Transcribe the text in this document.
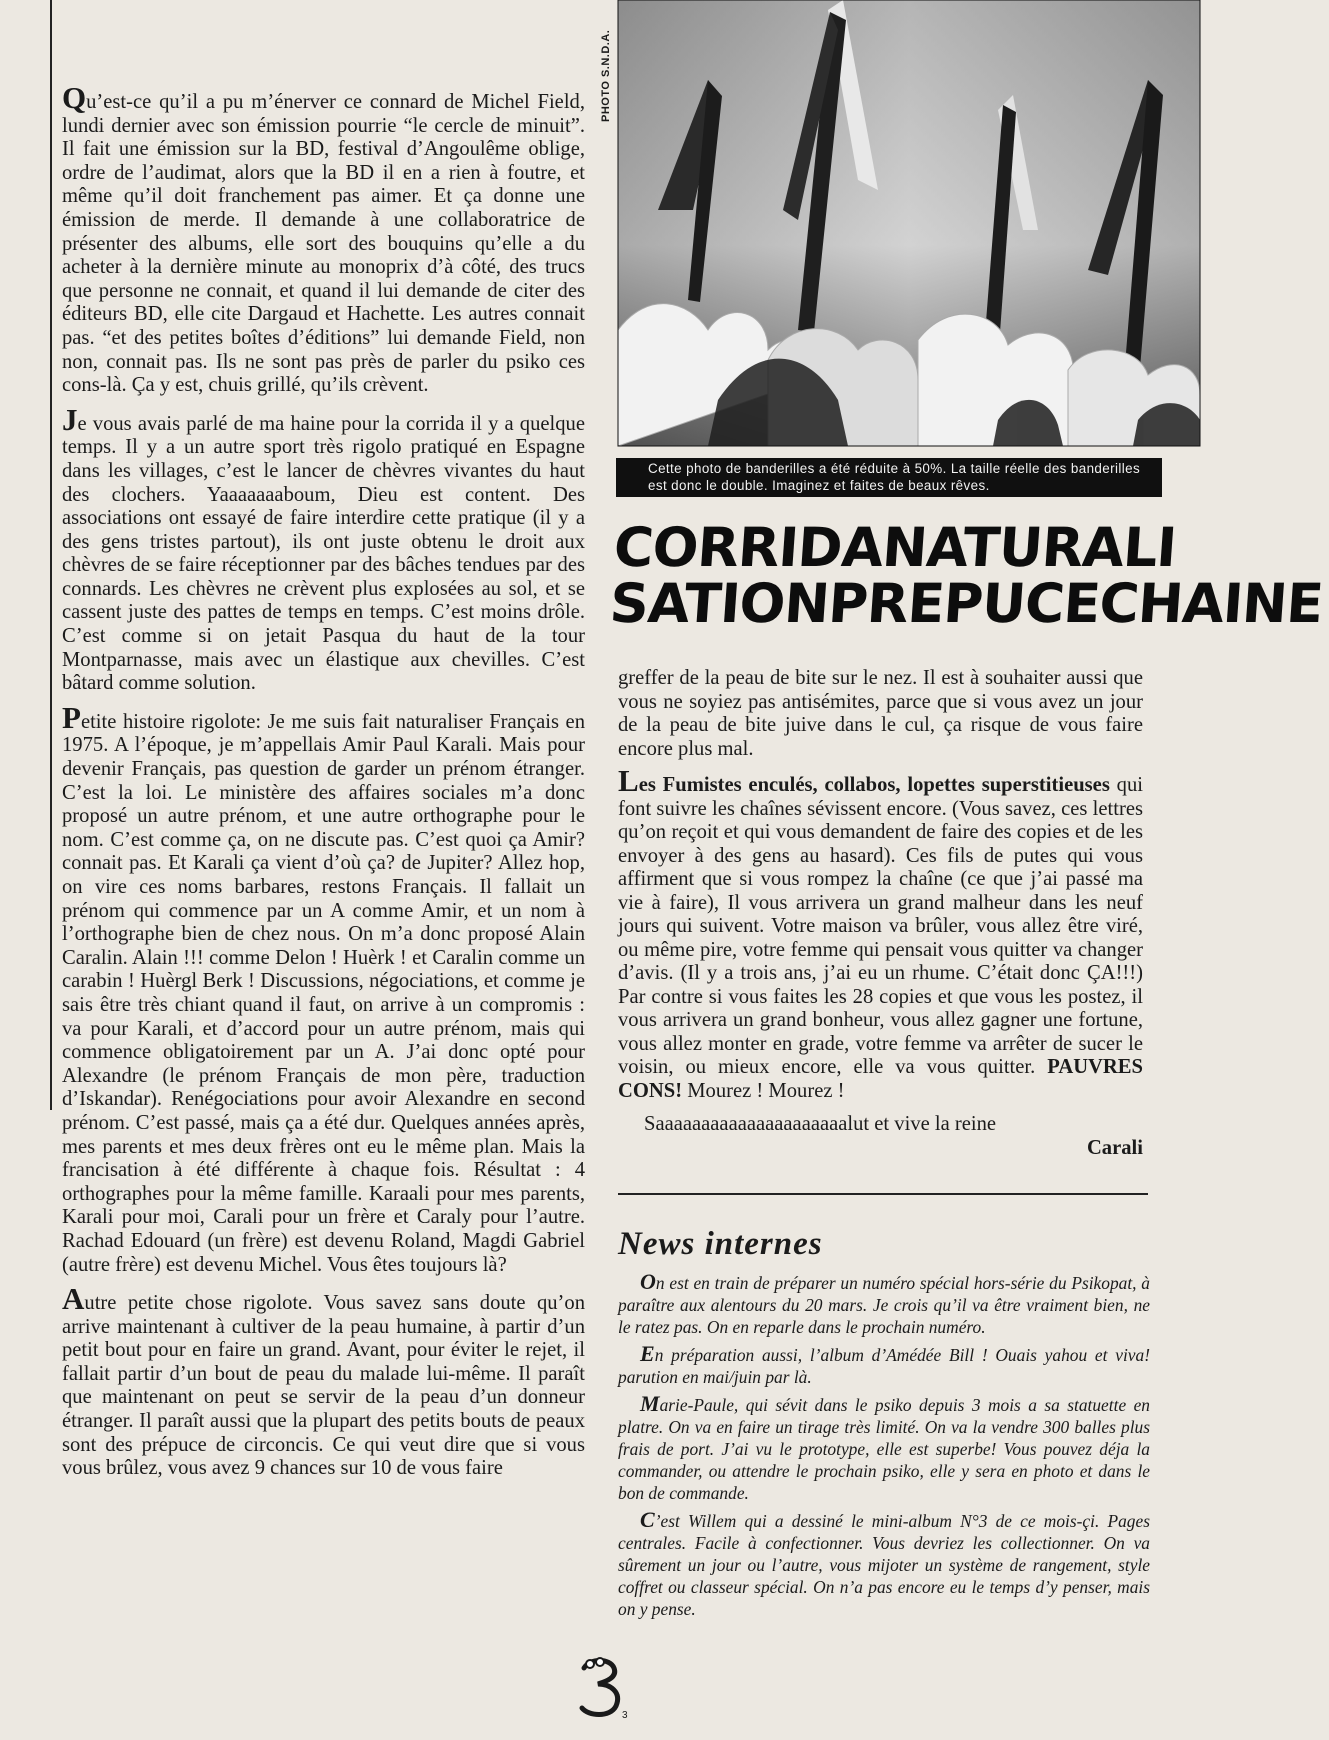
Qu’est-ce qu’il a pu m’énerver ce connard de Michel Field, lundi dernier avec son émission pourrie “le cercle de minuit”. Il fait une émission sur la BD, festival d’Angoulême oblige, ordre de l’audimat, alors que la BD il en a rien à foutre, et même qu’il doit franchement pas aimer. Et ça donne une émission de merde. Il demande à une collaboratrice de présenter des albums, elle sort des bouquins qu’elle a du acheter à la dernière minute au monoprix d’à côté, des trucs que personne ne connait, et quand il lui demande de citer des éditeurs BD, elle cite Dargaud et Hachette. Les autres connait pas. “et des petites boîtes d’éditions” lui demande Field, non non, connait pas. Ils ne sont pas près de parler du psiko ces cons-là. Ça y est, chuis grillé, qu’ils crèvent.

Je vous avais parlé de ma haine pour la corrida il y a quelque temps. Il y a un autre sport très rigolo pratiqué en Espagne dans les villages, c’est le lancer de chèvres vivantes du haut des clochers. Yaaaaaaaboum, Dieu est content. Des associations ont essayé de faire interdire cette pratique (il y a des gens tristes partout), ils ont juste obtenu le droit aux chèvres de se faire réceptionner par des bâches tendues par des connards. Les chèvres ne crèvent plus explosées au sol, et se cassent juste des pattes de temps en temps. C’est moins drôle. C’est comme si on jetait Pasqua du haut de la tour Montparnasse, mais avec un élastique aux chevilles. C’est bâtard comme solution.

Petite histoire rigolote: Je me suis fait naturaliser Français en 1975. A l’époque, je m’appellais Amir Paul Karali. Mais pour devenir Français, pas question de garder un prénom étranger. C’est la loi. Le ministère des affaires sociales m’a donc proposé un autre prénom, et une autre orthographe pour le nom. C’est comme ça, on ne discute pas. C’est quoi ça Amir? connait pas. Et Karali ça vient d’où ça? de Jupiter? Allez hop, on vire ces noms barbares, restons Français. Il fallait un prénom qui commence par un A comme Amir, et un nom à l’orthographe bien de chez nous. On m’a donc proposé Alain Caralin. Alain !!! comme Delon ! Huèrk ! et Caralin comme un carabin ! Huèrgl Berk ! Discussions, négociations, et comme je sais être très chiant quand il faut, on arrive à un compromis : va pour Karali, et d’accord pour un autre prénom, mais qui commence obligatoirement par un A. J’ai donc opté pour Alexandre (le prénom Français de mon père, traduction d’Iskandar). Renégociations pour avoir Alexandre en second prénom. C’est passé, mais ça a été dur. Quelques années après, mes parents et mes deux frères ont eu le même plan. Mais la francisation à été différente à chaque fois. Résultat : 4 orthographes pour la même famille. Karaali pour mes parents, Karali pour moi, Carali pour un frère et Caraly pour l’autre. Rachad Edouard (un frère) est devenu Roland, Magdi Gabriel (autre frère) est devenu Michel. Vous êtes toujours là?

Autre petite chose rigolote. Vous savez sans doute qu’on arrive maintenant à cultiver de la peau humaine, à partir d’un petit bout pour en faire un grand. Avant, pour éviter le rejet, il fallait partir d’un bout de peau du malade lui-même. Il paraît que maintenant on peut se servir de la peau d’un donneur étranger. Il paraît aussi que la plupart des petits bouts de peaux sont des prépuce de circoncis. Ce qui veut dire que si vous vous brûlez, vous avez 9 chances sur 10 de vous faire

PHOTO S.N.D.A.
Cette photo de banderilles a été réduite à 50%. La taille réelle des banderilles est donc le double. Imaginez et faites de beaux rêves.
CORRIDANATURALI
SATIONPREPUCECHAINE

greffer de la peau de bite sur le nez. Il est à souhaiter aussi que vous ne soyiez pas antisémites, parce que si vous avez un jour de la peau de bite juive dans le cul, ça risque de vous faire encore plus mal.

Les Fumistes enculés, collabos, lopettes superstitieuses qui font suivre les chaînes sévissent encore. (Vous savez, ces lettres qu’on reçoit et qui vous demandent de faire des copies et de les envoyer à des gens au hasard). Ces fils de putes qui vous affirment que si vous rompez la chaîne (ce que j’ai passé ma vie à faire), Il vous arrivera un grand malheur dans les neuf jours qui suivent. Votre maison va brûler, vous allez être viré, ou même pire, votre femme qui pensait vous quitter va changer d’avis. (Il y a trois ans, j’ai eu un rhume. C’était donc ÇA!!!) Par contre si vous faites les 28 copies et que vous les postez, il vous arrivera un grand bonheur, vous allez gagner une fortune, vous allez monter en grade, votre femme va arrêter de sucer le voisin, ou mieux encore, elle va vous quitter. PAUVRES CONS! Mourez ! Mourez !

Saaaaaaaaaaaaaaaaaaaaalut et vive la reine

Carali

News internes

On est en train de préparer un numéro spécial hors-série du Psikopat, à paraître aux alentours du 20 mars. Je crois qu’il va être vraiment bien, ne le ratez pas. On en reparle dans le prochain numéro.

En préparation aussi, l’album d’Amédée Bill ! Ouais yahou et viva! parution en mai/juin par là.

Marie-Paule, qui sévit dans le psiko depuis 3 mois a sa statuette en platre. On va en faire un tirage très limité. On va la vendre 300 balles plus frais de port. J’ai vu le prototype, elle est superbe! Vous pouvez déja la commander, ou attendre le prochain psiko, elle y sera en photo et dans le bon de commande.

C’est Willem qui a dessiné le mini-album N°3 de ce mois-çi. Pages centrales. Facile à confectionner. Vous devriez les collectionner. On va sûrement un jour ou l’autre, vous mijoter un système de rangement, style coffret ou classeur spécial. On n’a pas encore eu le temps d’y penser, mais on y pense.

3
